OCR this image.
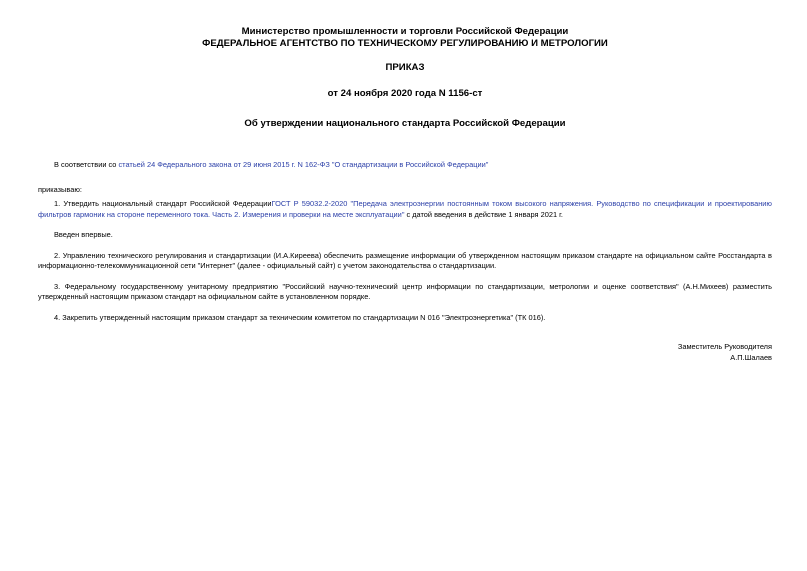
Министерство промышленности и торговли Российской Федерации
ФЕДЕРАЛЬНОЕ АГЕНТСТВО ПО ТЕХНИЧЕСКОМУ РЕГУЛИРОВАНИЮ И МЕТРОЛОГИИ
ПРИКАЗ
от 24 ноября 2020 года N 1156-ст
Об утверждении национального стандарта Российской Федерации

В соответствии со статьей 24 Федерального закона от 29 июня 2015 г. N 162-ФЗ "О стандартизации в Российской Федерации"

приказываю:

1. Утвердить национальный стандарт Российской ФедерацииГОСТ Р 59032.2-2020 "Передача электроэнергии постоянным током высокого напряжения. Руководство по спецификации и проектированию фильтров гармоник на стороне переменного тока. Часть 2. Измерения и проверки на месте эксплуатации" с датой введения в действие 1 января 2021 г.

Введен впервые.

2. Управлению технического регулирования и стандартизации (И.А.Киреева) обеспечить размещение информации об утвержденном настоящим приказом стандарте на официальном сайте Росстандарта в информационно-телекоммуникационной сети "Интернет" (далее - официальный сайт) с учетом законодательства о стандартизации.

3. Федеральному государственному унитарному предприятию "Российский научно-технический центр информации по стандартизации, метрологии и оценке соответствия" (А.Н.Михеев) разместить утвержденный настоящим приказом стандарт на официальном сайте в установленном порядке.

4. Закрепить утвержденный настоящим приказом стандарт за техническим комитетом по стандартизации N 016 "Электроэнергетика" (ТК 016).

Заместитель Руководителя
А.П.Шалаев
